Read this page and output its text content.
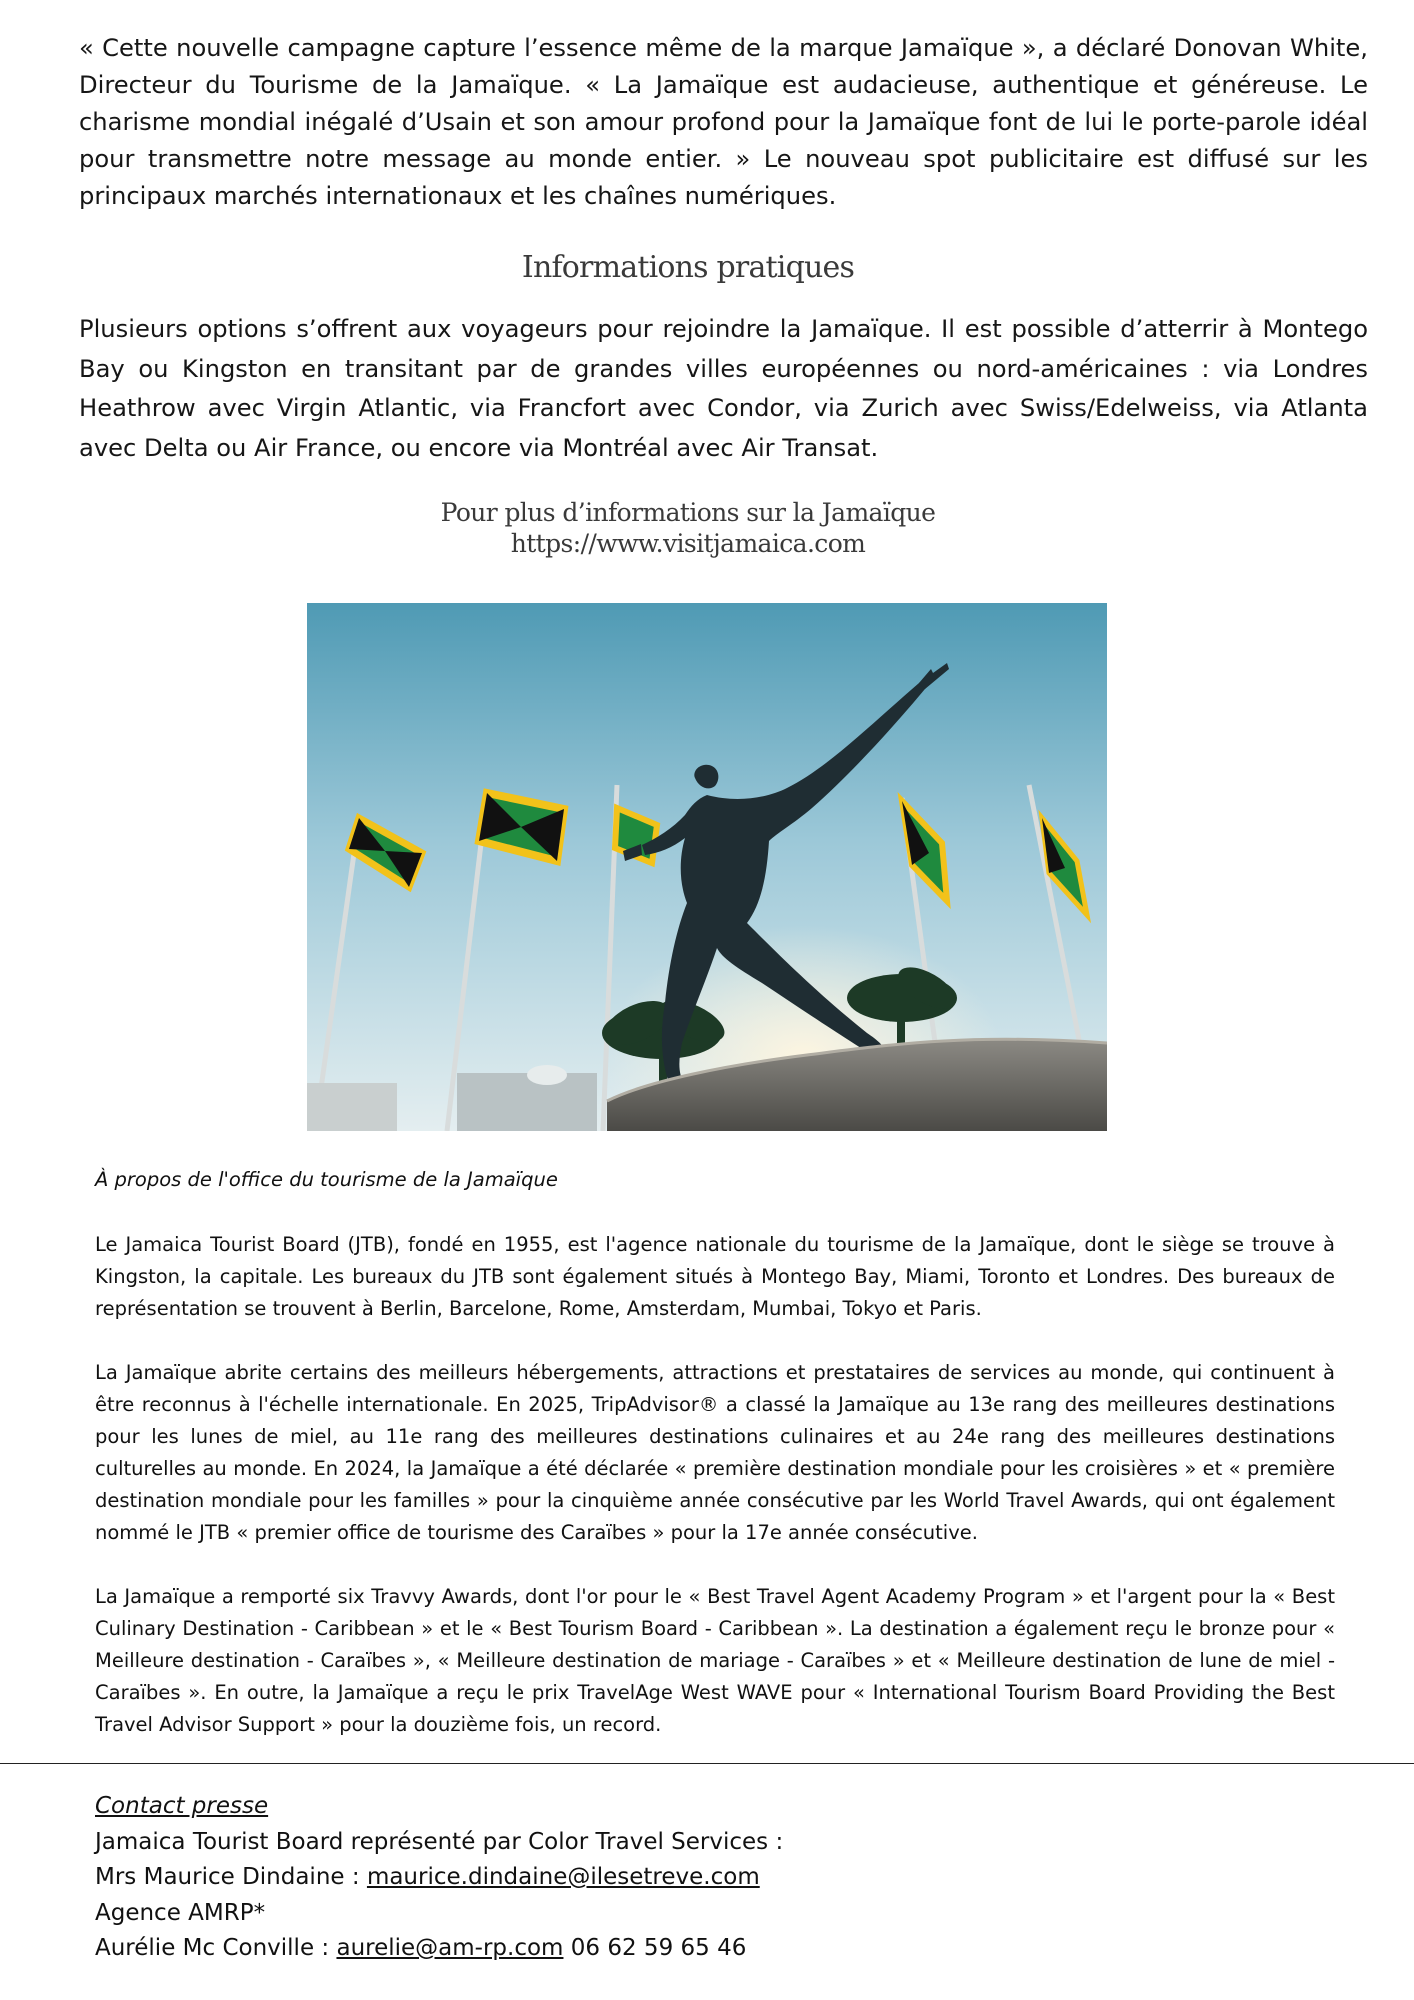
« Cette nouvelle campagne capture l’essence même de la marque Jamaïque », a déclaré Donovan White, Directeur du Tourisme de la Jamaïque. « La Jamaïque est audacieuse, authentique et généreuse. Le charisme mondial inégalé d’Usain et son amour profond pour la Jamaïque font de lui le porte-parole idéal pour transmettre notre message au monde entier. » Le nouveau spot publicitaire est diffusé sur les principaux marchés internationaux et les chaînes numériques.

Informations pratiques

Plusieurs options s’offrent aux voyageurs pour rejoindre la Jamaïque. Il est possible d’atterrir à Montego Bay ou Kingston en transitant par de grandes villes européennes ou nord-américaines : via Londres Heathrow avec Virgin Atlantic, via Francfort avec Condor, via Zurich avec Swiss/Edelweiss, via Atlanta avec Delta ou Air France, ou encore via Montréal avec Air Transat.

Pour plus d’informations sur la Jamaïque
https://www.visitjamaica.com

À propos de l'office du tourisme de la Jamaïque

Le Jamaica Tourist Board (JTB), fondé en 1955, est l'agence nationale du tourisme de la Jamaïque, dont le siège se trouve à Kingston, la capitale. Les bureaux du JTB sont également situés à Montego Bay, Miami, Toronto et Londres. Des bureaux de représentation se trouvent à Berlin, Barcelone, Rome, Amsterdam, Mumbai, Tokyo et Paris.

La Jamaïque abrite certains des meilleurs hébergements, attractions et prestataires de services au monde, qui continuent à être reconnus à l'échelle internationale. En 2025, TripAdvisor® a classé la Jamaïque au 13e rang des meilleures destinations pour les lunes de miel, au 11e rang des meilleures destinations culinaires et au 24e rang des meilleures destinations culturelles au monde. En 2024, la Jamaïque a été déclarée « première destination mondiale pour les croisières » et « première destination mondiale pour les familles » pour la cinquième année consécutive par les World Travel Awards, qui ont également nommé le JTB « premier office de tourisme des Caraïbes » pour la 17e année consécutive.

La Jamaïque a remporté six Travvy Awards, dont l'or pour le « Best Travel Agent Academy Program » et l'argent pour la « Best Culinary Destination - Caribbean » et le « Best Tourism Board - Caribbean ». La destination a également reçu le bronze pour « Meilleure destination - Caraïbes », « Meilleure destination de mariage - Caraïbes » et « Meilleure destination de lune de miel - Caraïbes ». En outre, la Jamaïque a reçu le prix TravelAge West WAVE pour « International Tourism Board Providing the Best Travel Advisor Support » pour la douzième fois, un record.

Contact presse
Jamaica Tourist Board représenté par Color Travel Services :
Mrs Maurice Dindaine : maurice.dindaine@ilesetreve.com
Agence AMRP*
Aurélie Mc Conville : aurelie@am-rp.com 06 62 59 65 46
